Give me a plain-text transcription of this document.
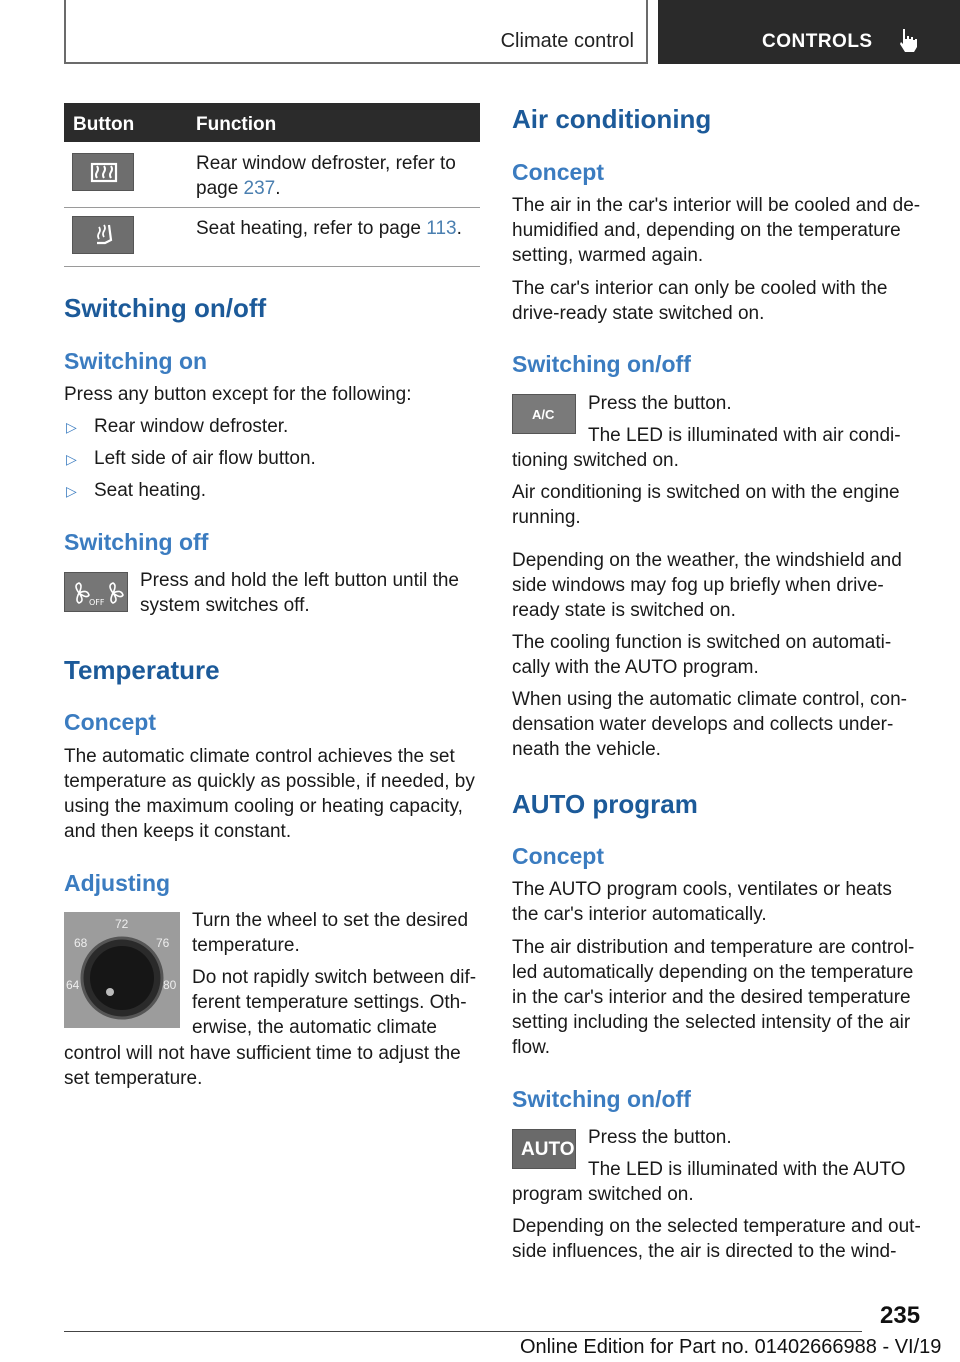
Climate control	CONTROLS
Button	Function
Rear window defroster, refer to
page 237.
Seat heating, refer to page 113.
Switching on/off
Switching on
Press any button except for the following:
▷ Rear window defroster.
▷ Left side of air flow button.
▷ Seat heating.
Switching off
OFF
Press and hold the left button until the
system switches off.
Temperature
Concept
The automatic climate control achieves the set
temperature as quickly as possible, if needed, by
using the maximum cooling or heating capacity,
and then keeps it constant.
Adjusting
72
68	76
64	80
Turn the wheel to set the desired
temperature.
Do not rapidly switch between dif-
ferent temperature settings. Oth-
erwise, the automatic climate
control will not have sufficient time to adjust the
set temperature.
Air conditioning
Concept
The air in the car's interior will be cooled and de-
humidified and, depending on the temperature
setting, warmed again.
The car's interior can only be cooled with the
drive-ready state switched on.
Switching on/off
A/C
Press the button.
The LED is illuminated with air condi-
tioning switched on.
Air conditioning is switched on with the engine
running.
Depending on the weather, the windshield and
side windows may fog up briefly when drive-
ready state is switched on.
The cooling function is switched on automati-
cally with the AUTO program.
When using the automatic climate control, con-
densation water develops and collects under-
neath the vehicle.
AUTO program
Concept
The AUTO program cools, ventilates or heats
the car's interior automatically.
The air distribution and temperature are control-
led automatically depending on the temperature
in the car's interior and the desired temperature
setting including the selected intensity of the air
flow.
Switching on/off
AUTO
Press the button.
The LED is illuminated with the AUTO
program switched on.
Depending on the selected temperature and out-
side influences, the air is directed to the wind-
235
Online Edition for Part no. 01402666988 - VI/19
